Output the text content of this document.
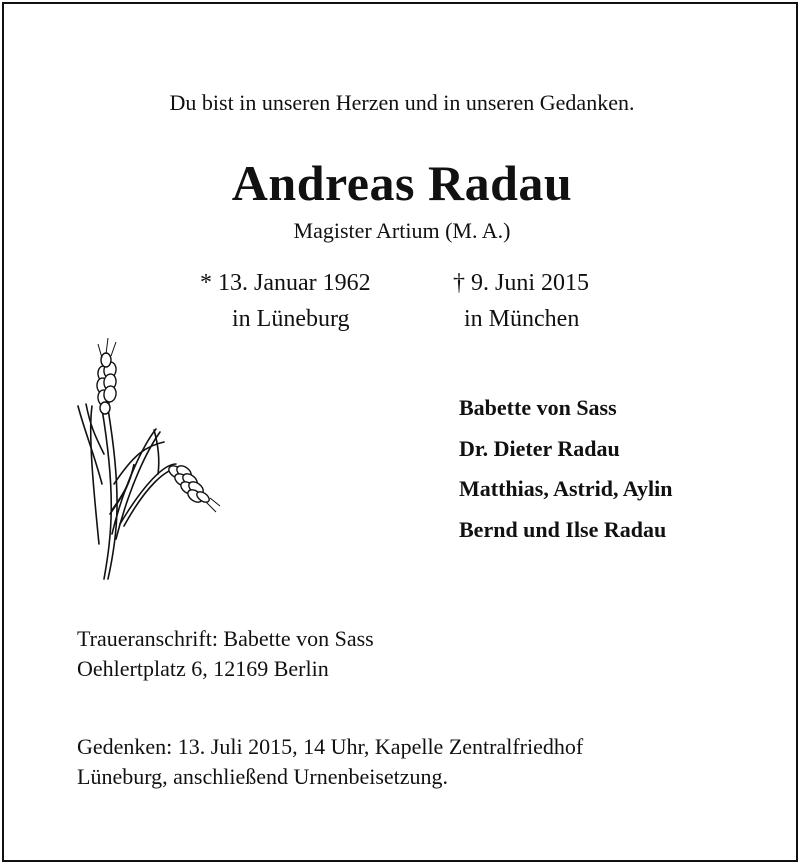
Du bist in unseren Herzen und in unseren Gedanken.

Andreas Radau

Magister Artium (M. A.)

* 13. Januar 1962

in Lüneburg

† 9. Juni 2015

in München

Babette von Sass
Dr. Dieter Radau
Matthias, Astrid, Aylin
Bernd und Ilse Radau

Traueranschrift: Babette von Sass

Oehlertplatz 6, 12169 Berlin

Gedenken: 13. Juli 2015, 14 Uhr, Kapelle Zentralfriedhof

Lüneburg, anschließend Urnenbeisetzung.
